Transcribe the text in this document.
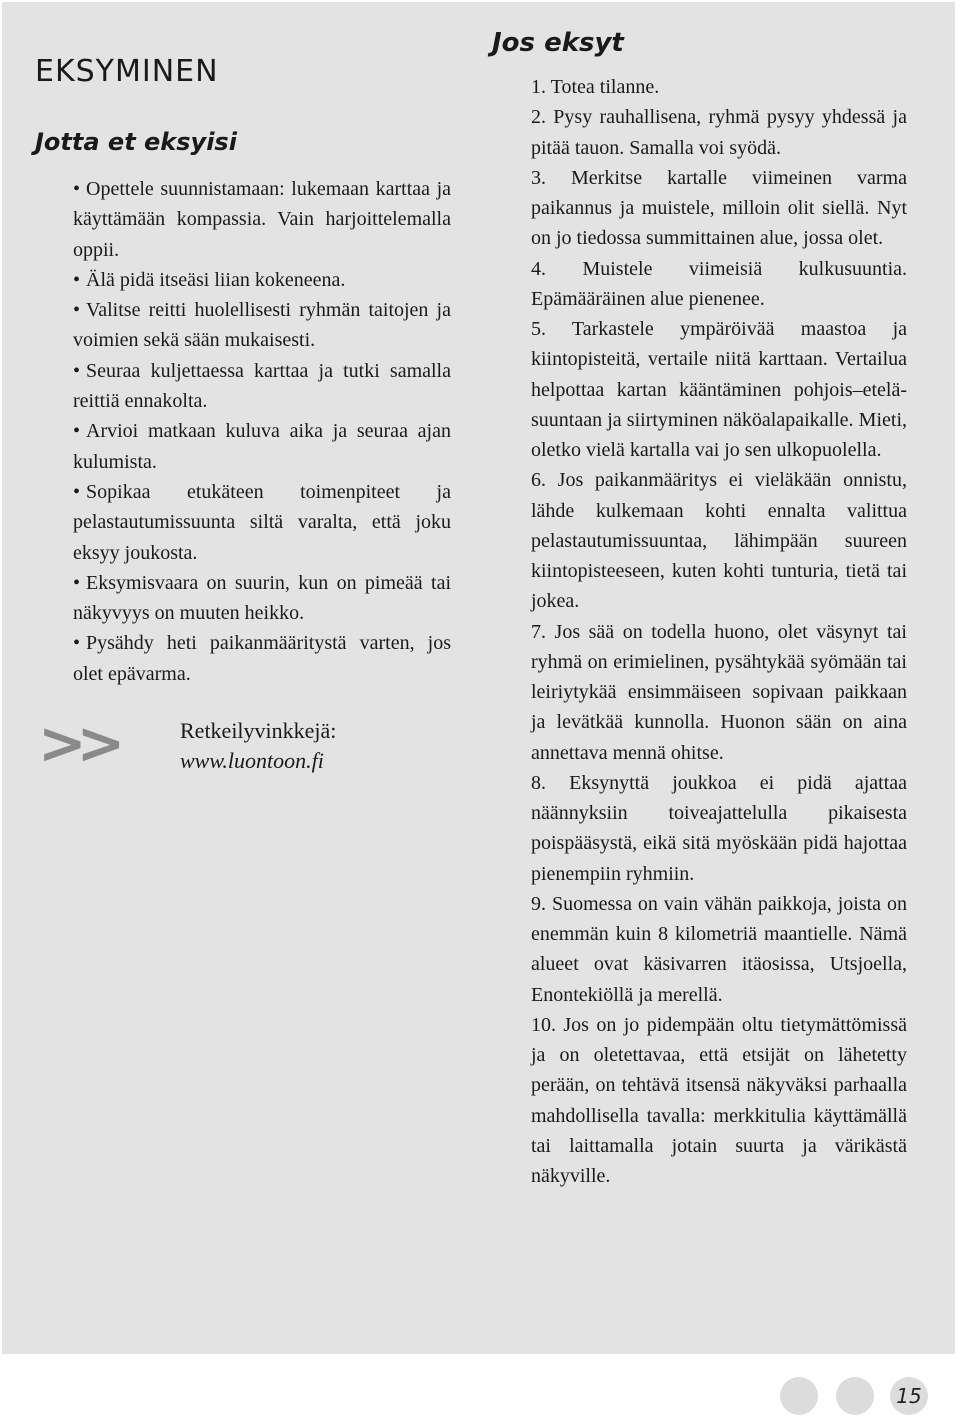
EKSYMINEN
Jotta et eksyisi
• Opettele suunnistamaan: lukemaan karttaa ja käyttämään kompassia. Vain harjoittelemalla oppii.
• Älä pidä itseäsi liian kokeneena.
• Valitse reitti huolellisesti ryhmän taitojen ja voimien sekä sään mukaisesti.
• Seuraa kuljettaessa karttaa ja tutki samalla reittiä ennakolta.
• Arvioi matkaan kuluva aika ja seuraa ajan kulumista.
• Sopikaa etukäteen toimenpiteet ja pelastautumissuunta siltä varalta, että joku eksyy joukosta.
• Eksymisvaara on suurin, kun on pimeää tai näkyvyys on muuten heikko.
• Pysähdy heti paikanmääritystä varten, jos olet epävarma.
>>	Retkeilyvinkkejä:
www.luontoon.fi
Jos eksyt

1. Totea tilanne.

2. Pysy rauhallisena, ryhmä pysyy yhdessä ja pitää tauon. Samalla voi syödä.

3. Merkitse kartalle viimeinen varma paikannus ja muistele, milloin olit siellä. Nyt on jo tiedossa summittainen alue, jossa olet.

4. Muistele viimeisiä kulkusuuntia. Epämääräinen alue pienenee.

5. Tarkastele ympäröivää maastoa ja kiintopisteitä, vertaile niitä karttaan. Vertailua helpottaa kartan kääntäminen pohjois–etelä-suuntaan ja siirtyminen näköalapaikalle. Mieti, oletko vielä kartalla vai jo sen ulkopuolella.

6. Jos paikanmääritys ei vieläkään onnistu, lähde kulkemaan kohti ennalta valittua pelastautumissuuntaa, lähimpään suureen kiintopisteeseen, kuten kohti tunturia, tietä tai jokea.

7. Jos sää on todella huono, olet väsynyt tai ryhmä on erimielinen, pysähtykää syömään tai leiriytykää ensimmäiseen sopivaan paikkaan ja levätkää kunnolla. Huonon sään on aina annettava mennä ohitse.

8. Eksynyttä joukkoa ei pidä ajattaa näännyksiin toiveajattelulla pikaisesta poispääsystä, eikä sitä myöskään pidä hajottaa pienempiin ryhmiin.

9. Suomessa on vain vähän paikkoja, joista on enemmän kuin 8 kilometriä maantielle. Nämä alueet ovat käsivarren itäosissa, Utsjoella, Enontekiöllä ja merellä.

10. Jos on jo pidempään oltu tietymättömissä ja on oletettavaa, että etsijät on lähetetty perään, on tehtävä itsensä näkyväksi parhaalla mahdollisella tavalla: merkkitulia käyttämällä tai laittamalla jotain suurta ja värikästä näkyville.

15
